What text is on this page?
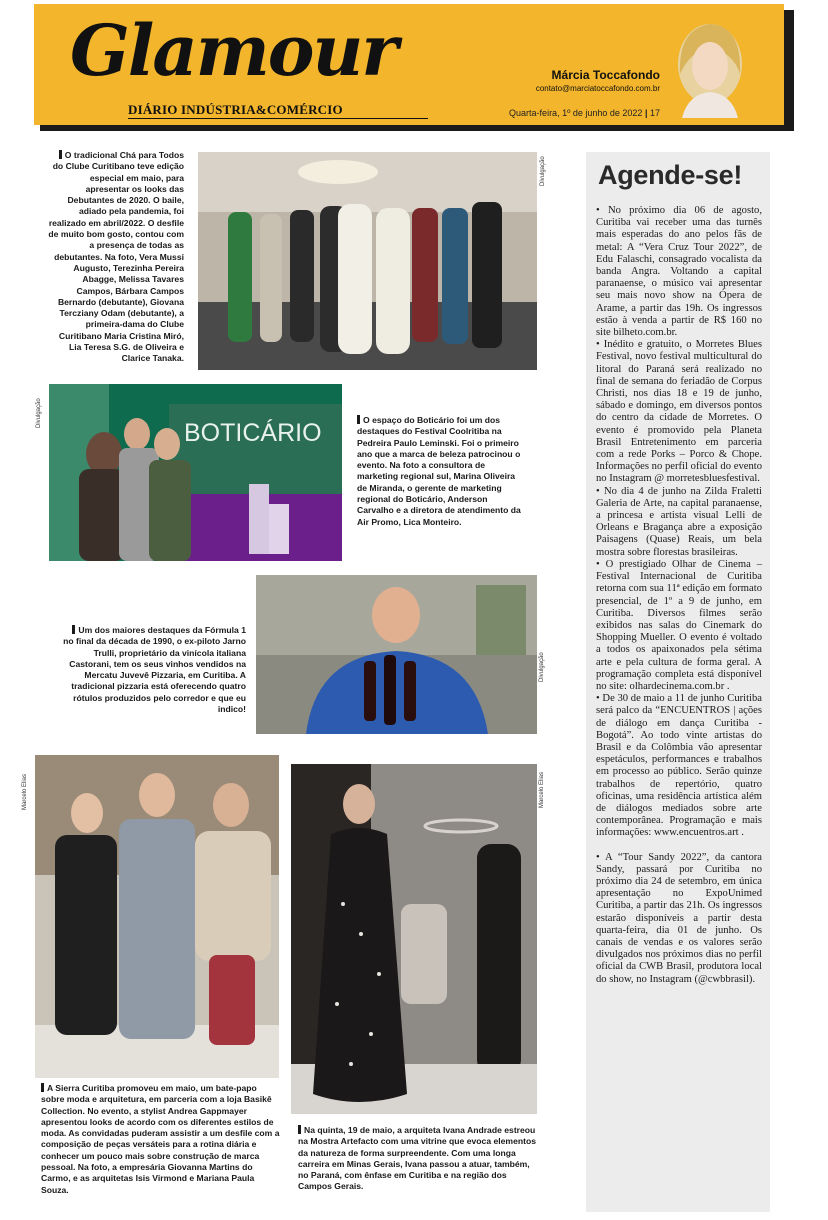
Glamour
DIÁRIO INDÚSTRIA&COMÉRCIO
Márcia Toccafondo
contato@marciatoccafondo.com.br
Quarta-feira, 1º de junho de 2022 | 17
Divulgação
O tradicional Chá para Todos do Clube Curitibano teve edição especial em maio, para apresentar os looks das Debutantes de 2020. O baile, adiado pela pandemia, foi realizado em abril/2022. O desfile de muito bom gosto, contou com a presença de todas as debutantes. Na foto, Vera Mussi Augusto, Terezinha Pereira Abagge, Melissa Tavares Campos, Bárbara Campos Bernardo (debutante), Giovana Terczianу Odam (debutante), a primeira-dama do Clube Curitibano Maria Cristina Miró, Lia Teresa S.G. de Oliveira e Clarice Tanaka.
BOTICÁRIO
Divulgação	O espaço do Boticário foi um dos destaques do Festival Coolritiba na Pedreira Paulo Leminski. Foi o primeiro ano que a marca de beleza patrocinou o evento. Na foto a consultora de marketing regional sul, Marina Oliveira de Miranda, o gerente de marketing regional do Boticário, Anderson Carvalho e a diretora de atendimento da Air Promo, Lica Monteiro.
Divulgação
Um dos maiores destaques da Fórmula 1 no final da década de 1990, o ex-piloto Jarno Trulli, proprietário da vinícola italiana Castorani, tem os seus vinhos vendidos na Mercatu Juvevê Pizzaria, em Curitiba. A tradicional pizzaria está oferecendo quatro rótulos produzidos pelo corredor e que eu indico!
Marcelo Elias
A Sierra Curitiba promoveu em maio, um bate-papo sobre moda e arquitetura, em parceria com a loja Basikê Collection. No evento, a stylist Andrea Gappmayer apresentou looks de acordo com os diferentes estilos de moda. As convidadas puderam assistir a um desfile com a composição de peças versáteis para a rotina diária e conhecer um pouco mais sobre construção de marca pessoal. Na foto, a empresária Giovanna Martins do Carmo, e as arquitetas Isis Virmond e Mariana Paula Souza.
Marcelo Elias
Na quinta, 19 de maio, a arquiteta Ivana Andrade estreou na Mostra Artefacto com uma vitrine que evoca elementos da natureza de forma surpreendente. Com uma longa carreira em Minas Gerais, Ivana passou a atuar, também, no Paraná, com ênfase em Curitiba e na região dos Campos Gerais.
Agende-se!

• No próximo dia 06 de agosto, Curitiba vai receber uma das turnês mais esperadas do ano pelos fãs de metal: A “Vera Cruz Tour 2022”, de Edu Falaschi, consagrado vocalista da banda Angra. Voltando a capital paranaense, o músico vai apresentar seu mais novo show na Ópera de Arame, a partir das 19h. Os ingressos estão à venda a partir de R$ 160 no site bilheto.com.br.

• Inédito e gratuito, o Morretes Blues Festival, novo festival multicultural do litoral do Paraná será realizado no final de semana do feriadão de Corpus Christi, nos dias 18 e 19 de junho, sábado e domingo, em diversos pontos do centro da cidade de Morretes. O evento é promovido pela Planeta Brasil Entretenimento em parceria com a rede Porks – Porco & Chope. Informações no perfil oficial do evento no Instagram @ morretesbluesfestival.

• No dia 4 de junho na Zilda Fraletti Galeria de Arte, na capital paranaense, a princesa e artista visual Lelli de Orleans e Bragança abre a exposição Paisagens (Quase) Reais, um bela mostra sobre florestas brasileiras.

• O prestigiado Olhar de Cinema – Festival Internacional de Curitiba retorna com sua 11ª edição em formato presencial, de 1º a 9 de junho, em Curitiba. Diversos filmes serão exibidos nas salas do Cinemark do Shopping Mueller. O evento é voltado a todos os apaixonados pela sétima arte e pela cultura de forma geral. A programação completa está disponível no site: olhardecinema.com.br .

• De 30 de maio a 11 de junho Curitiba será palco da “ENCUENTROS | ações de diálogo em dança Curitiba - Bogotá”. Ao todo vinte artistas do Brasil e da Colômbia vão apresentar espetáculos, performances e trabalhos em processo ao público. Serão quinze trabalhos de repertório, quatro oficinas, uma residência artística além de diálogos mediados sobre arte contemporânea. Programação e mais informações: www.encuentros.art .

• A “Tour Sandy 2022”, da cantora Sandy, passará por Curitiba no próximo dia 24 de setembro, em única apresentação no ExpoUnimed Curitiba, a partir das 21h. Os ingressos estarão disponíveis a partir desta quarta-feira, dia 01 de junho. Os canais de vendas e os valores serão divulgados nos próximos dias no perfil oficial da CWB Brasil, produtora local do show, no Instagram (@cwbbrasil).
